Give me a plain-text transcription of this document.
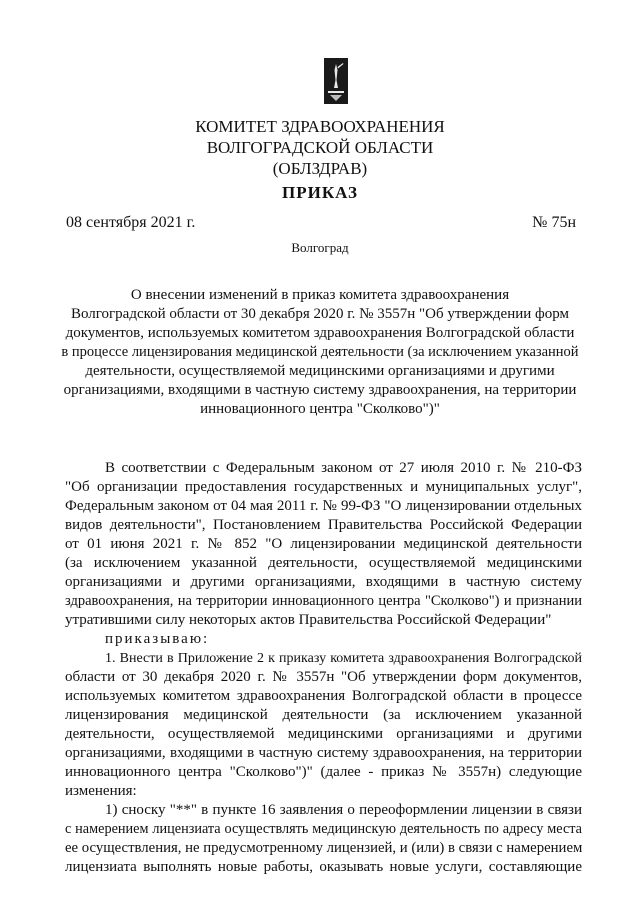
КОМИТЕТ ЗДРАВООХРАНЕНИЯ
ВОЛГОГРАДСКОЙ ОБЛАСТИ
(ОБЛЗДРАВ)
ПРИКАЗ
08 сентября 2021 г.	№ 75н
Волгоград
О внесении изменений в приказ комитета здравоохранения
Волгоградской области от 30 декабря 2020 г. № 3557н "Об утверждении форм
документов, используемых комитетом здравоохранения Волгоградской области
в процессе лицензирования медицинской деятельности (за исключением указанной
деятельности, осуществляемой медицинскими организациями и другими
организациями, входящими в частную систему здравоохранения, на территории
инновационного центра "Сколково")"
В соответствии с Федеральным законом от 27 июля 2010 г. № 210-ФЗ
"Об организации предоставления государственных и муниципальных услуг",
Федеральным законом от 04 мая 2011 г. № 99-ФЗ "О лицензировании отдельных
видов деятельности", Постановлением Правительства Российской Федерации
от 01 июня 2021 г. № 852 "О лицензировании медицинской деятельности
(за исключением указанной деятельности, осуществляемой медицинскими
организациями и другими организациями, входящими в частную систему
здравоохранения, на территории инновационного центра "Сколково") и признании
утратившими силу некоторых актов Правительства Российской Федерации"
приказываю:
1. Внести в Приложение 2 к приказу комитета здравоохранения Волгоградской
области от 30 декабря 2020 г. № 3557н "Об утверждении форм документов,
используемых комитетом здравоохранения Волгоградской области в процессе
лицензирования медицинской деятельности (за исключением указанной
деятельности, осуществляемой медицинскими организациями и другими
организациями, входящими в частную систему здравоохранения, на территории
инновационного центра "Сколково")" (далее - приказ № 3557н) следующие
изменения:
1) сноску "**" в пункте 16 заявления о переоформлении лицензии в связи
с намерением лицензиата осуществлять медицинскую деятельность по адресу места
ее осуществления, не предусмотренному лицензией, и (или) в связи с намерением
лицензиата выполнять новые работы, оказывать новые услуги, составляющие
